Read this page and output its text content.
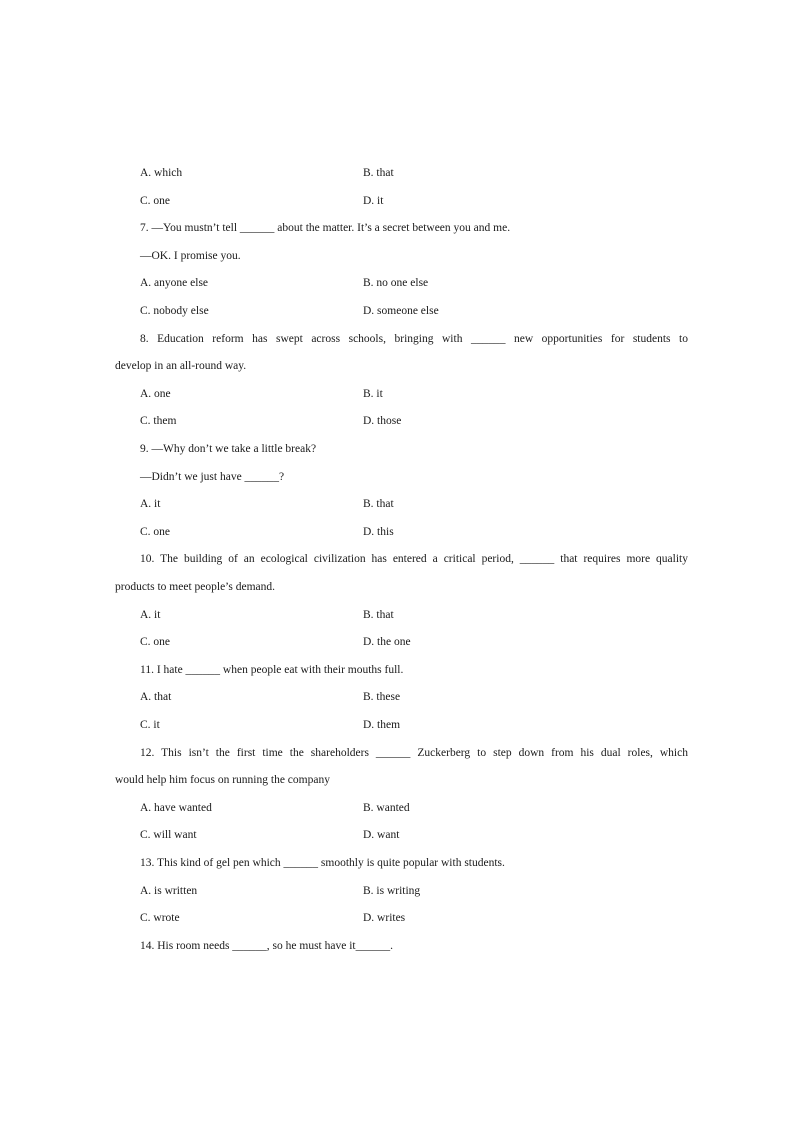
A. which	B. that
C. one	D. it
7. —You mustn’t tell ______ about the matter. It’s a secret between you and me.
—OK. I promise you.
A. anyone else	B. no one else
C. nobody else	D. someone else
8. Education reform has swept across schools, bringing with ______ new opportunities for students to
develop in an all-round way.
A. one	B. it
C. them	D. those
9. —Why don’t we take a little break?
—Didn’t we just have ______?
A. it	B. that
C. one	D. this
10. The building of an ecological civilization has entered a critical period, ______ that requires more quality
products to meet people’s demand.
A. it	B. that
C. one	D. the one
11. I hate ______ when people eat with their mouths full.
A. that	B. these
C. it	D. them
12. This isn’t the first time the shareholders ______ Zuckerberg to step down from his dual roles, which
would help him focus on running the company
A. have wanted	B. wanted
C. will want	D. want
13. This kind of gel pen which ______ smoothly is quite popular with students.
A. is written	B. is writing
C. wrote	D. writes
14. His room needs ______, so he must have it______.
